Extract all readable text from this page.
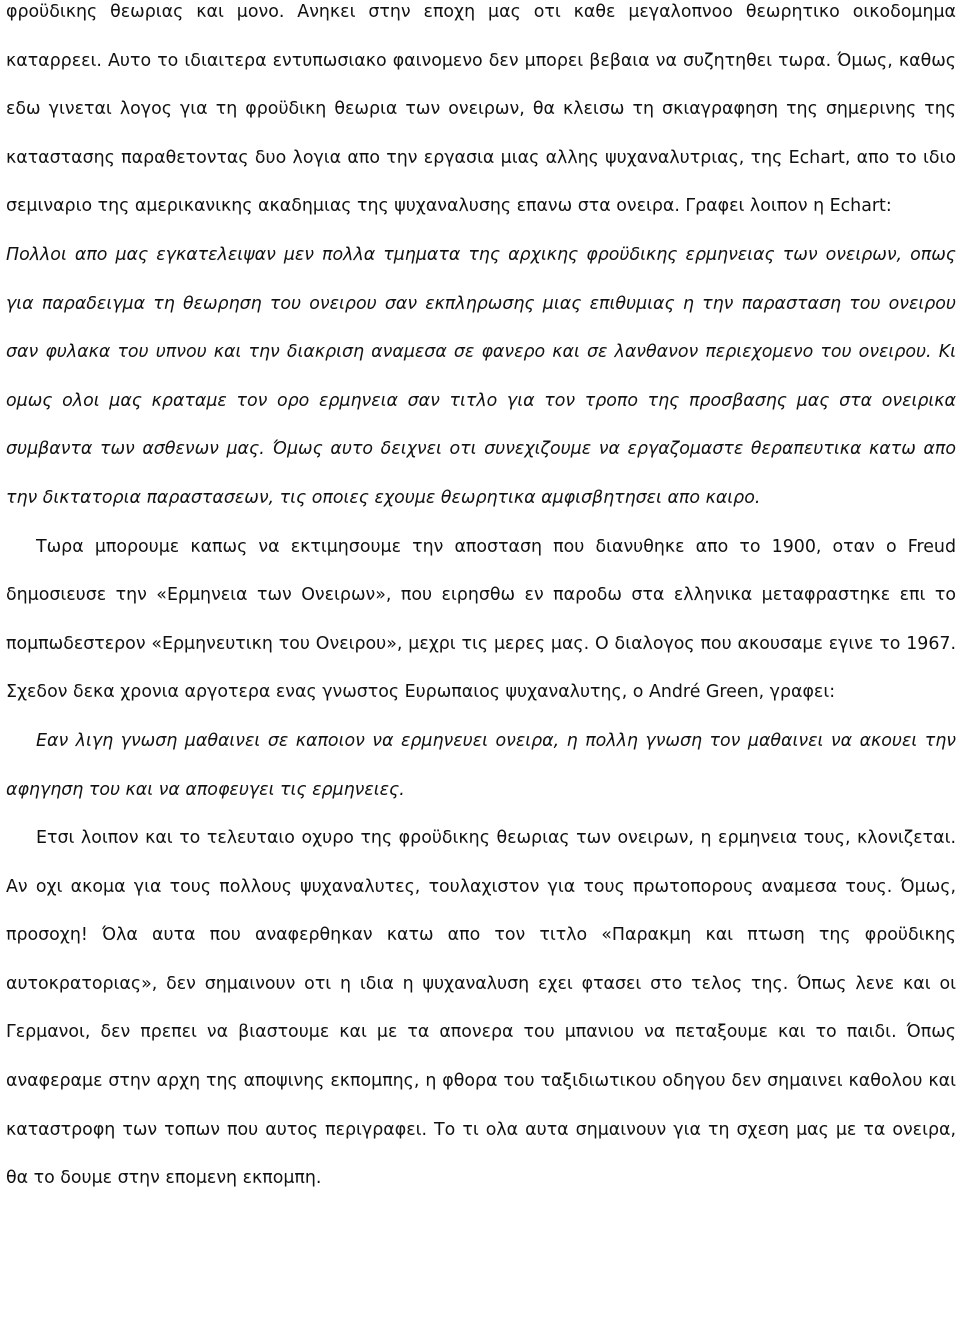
φροϋδικης θεωριας και μονο. Ανηκει στην εποχη μας οτι καθε μεγαλοπνοο θεωρητικο οικοδομημα καταρρεει. Αυτο το ιδιαιτερα εντυπωσιακο φαινομενο δεν μπορει βεβαια να συζητηθει τωρα. Όμως, καθως εδω γινεται λογος για τη φροϋδικη θεωρια των ονειρων, θα κλεισω τη σκιαγραφηση της σημερινης της καταστασης παραθετοντας δυο λογια απο την εργασια μιας αλλης ψυχαναλυτριας, της Echart, απο το ιδιο σεμιναριο της αμερικανικης ακαδημιας της ψυχαναλυσης επανω στα ονειρα. Γραφει λοιπον η Echart:

Πολλοι απο μας εγκατελειψαν μεν πολλα τμηματα της αρχικης φροϋδικης ερμηνειας των ονειρων, οπως για παραδειγμα τη θεωρηση του ονειρου σαν εκπληρωσης μιας επιθυμιας η την παρασταση του ονειρου σαν φυλακα του υπνου και την διακριση αναμεσα σε φανερο και σε λανθανον περιεχομενο του ονειρου. Κι ομως ολοι μας κραταμε τον ορο ερμηνεια σαν τιτλο για τον τροπο της προσβασης μας στα ονειρικα συμβαντα των ασθενων μας. Όμως αυτο δειχνει οτι συνεχιζουμε να εργαζομαστε θεραπευτικα κατω απο την δικτατορια παραστασεων, τις οποιες εχουμε θεωρητικα αμφισβητησει απο καιρο.

Τωρα μπορουμε καπως να εκτιμησουμε την αποσταση που διανυθηκε απο το 1900, οταν ο Freud δημοσιευσε την «Ερμηνεια των Ονειρων», που ειρησθω εν παροδω στα ελληνικα μεταφραστηκε επι το πομπωδεστερον «Ερμηνευτικη του Ονειρου», μεχρι τις μερες μας. Ο διαλογος που ακουσαμε εγινε το 1967. Σχεδον δεκα χρονια αργοτερα ενας γνωστος Ευρωπαιος ψυχαναλυτης, ο André Green, γραφει:

Εαν λιγη γνωση μαθαινει σε καποιον να ερμηνευει ονειρα, η πολλη γνωση τον μαθαινει να ακουει την αφηγηση του και να αποφευγει τις ερμηνειες.

Ετσι λοιπον και το τελευταιο οχυρο της φροϋδικης θεωριας των ονειρων, η ερμηνεια τους, κλονιζεται. Αν οχι ακομα για τους πολλους ψυχαναλυτες, τουλαχιστον για τους πρωτοπορους αναμεσα τους. Όμως, προσοχη! Όλα αυτα που αναφερθηκαν κατω απο τον τιτλο «Παρακμη και πτωση της φροϋδικης αυτοκρατοριας», δεν σημαινουν οτι η ιδια η ψυχαναλυση εχει φτασει στο τελος της. Όπως λενε και οι Γερμανοι, δεν πρεπει να βιαστουμε και με τα απονερα του μπανιου να πεταξουμε και το παιδι. Όπως αναφεραμε στην αρχη της αποψινης εκπομπης, η φθορα του ταξιδιωτικου οδηγου δεν σημαινει καθολου και καταστροφη των τοπων που αυτος περιγραφει. Το τι ολα αυτα σημαινουν για τη σχεση μας με τα ονειρα, θα το δουμε στην επομενη εκπομπη.
